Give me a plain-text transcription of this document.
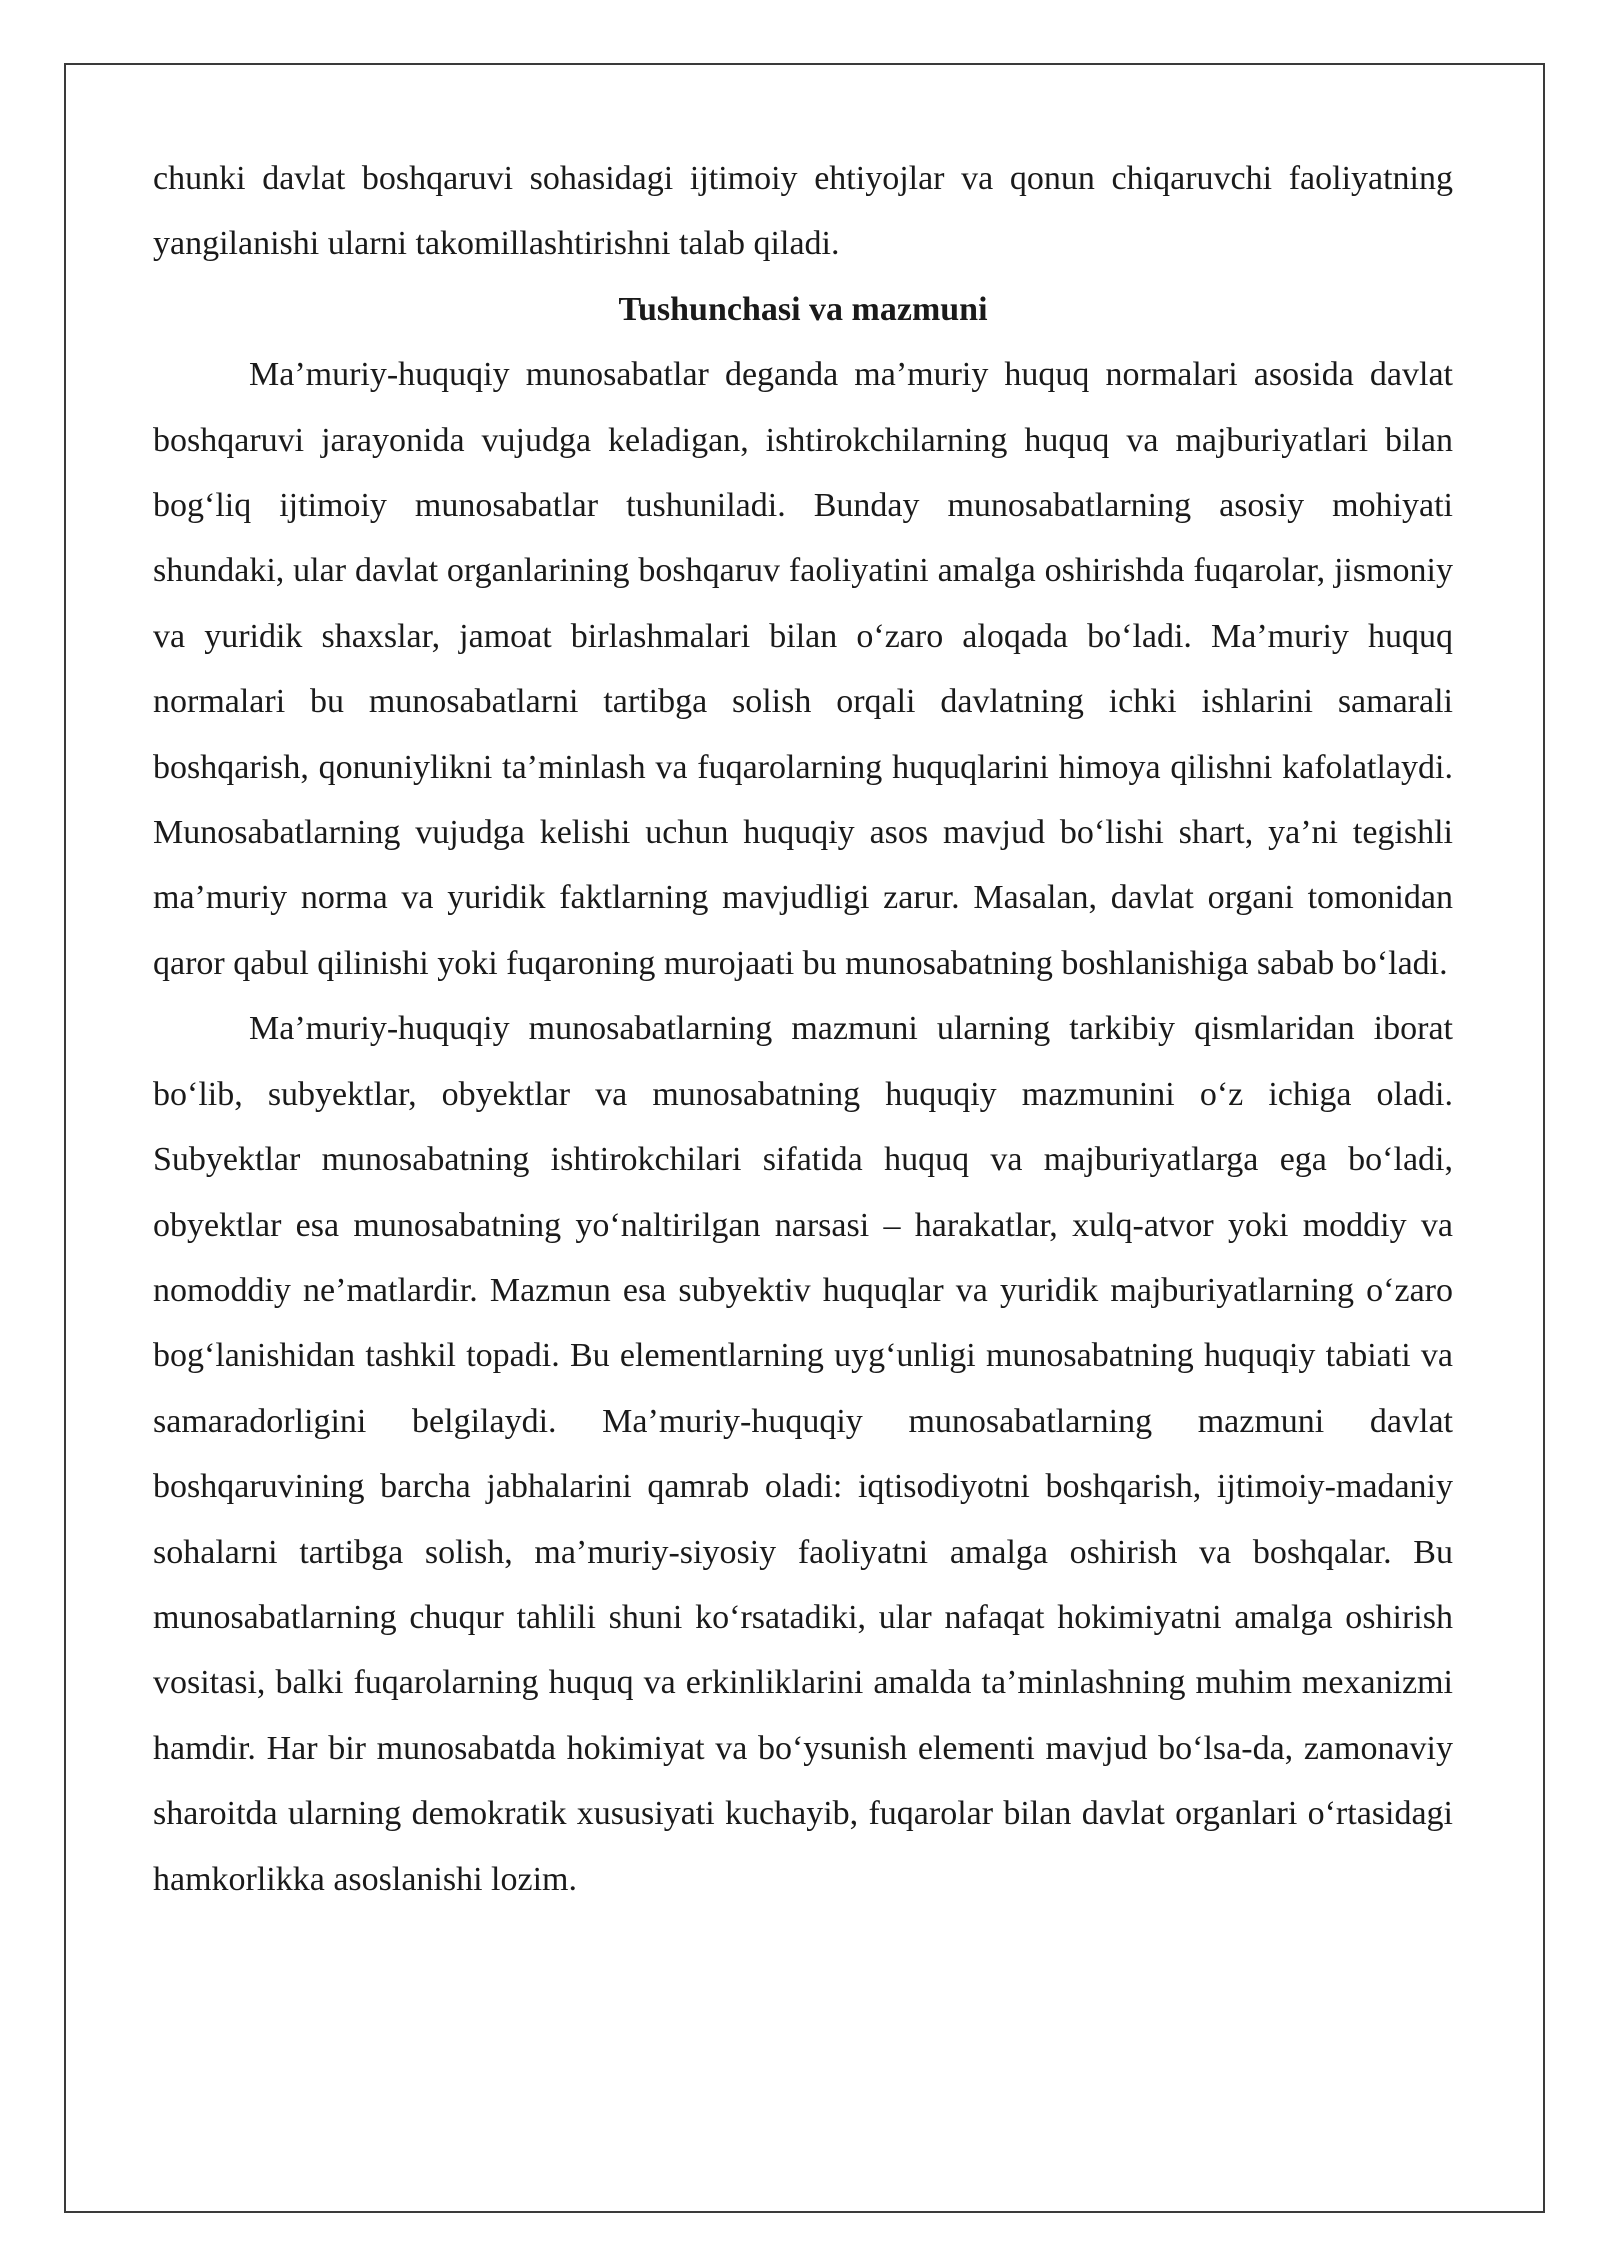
chunki davlat boshqaruvi sohasidagi ijtimoiy ehtiyojlar va qonun chiqaruvchi faoliyatning yangilanishi ularni takomillashtirishni talab qiladi.

Tushunchasi va mazmuni

Ma’muriy-huquqiy munosabatlar deganda ma’muriy huquq normalari asosida davlat boshqaruvi jarayonida vujudga keladigan, ishtirokchilarning huquq va majburiyatlari bilan bog‘liq ijtimoiy munosabatlar tushuniladi. Bunday munosabatlarning asosiy mohiyati shundaki, ular davlat organlarining boshqaruv faoliyatini amalga oshirishda fuqarolar, jismoniy va yuridik shaxslar, jamoat birlashmalari bilan o‘zaro aloqada bo‘ladi. Ma’muriy huquq normalari bu munosabatlarni tartibga solish orqali davlatning ichki ishlarini samarali boshqarish, qonuniylikni ta’minlash va fuqarolarning huquqlarini himoya qilishni kafolatlaydi. Munosabatlarning vujudga kelishi uchun huquqiy asos mavjud bo‘lishi shart, ya’ni tegishli ma’muriy norma va yuridik faktlarning mavjudligi zarur. Masalan, davlat organi tomonidan qaror qabul qilinishi yoki fuqaroning murojaati bu munosabatning boshlanishiga sabab bo‘ladi.

Ma’muriy-huquqiy munosabatlarning mazmuni ularning tarkibiy qismlaridan iborat bo‘lib, subyektlar, obyektlar va munosabatning huquqiy mazmunini o‘z ichiga oladi. Subyektlar munosabatning ishtirokchilari sifatida huquq va majburiyatlarga ega bo‘ladi, obyektlar esa munosabatning yo‘naltirilgan narsasi – harakatlar, xulq-atvor yoki moddiy va nomoddiy ne’matlardir. Mazmun esa subyektiv huquqlar va yuridik majburiyatlarning o‘zaro bog‘lanishidan tashkil topadi. Bu elementlarning uyg‘unligi munosabatning huquqiy tabiati va samaradorligini belgilaydi. Ma’muriy-huquqiy munosabatlarning mazmuni davlat boshqaruvining barcha jabhalarini qamrab oladi: iqtisodiyotni boshqarish, ijtimoiy-madaniy sohalarni tartibga solish, ma’muriy-siyosiy faoliyatni amalga oshirish va boshqalar. Bu munosabatlarning chuqur tahlili shuni ko‘rsatadiki, ular nafaqat hokimiyatni amalga oshirish vositasi, balki fuqarolarning huquq va erkinliklarini amalda ta’minlashning muhim mexanizmi hamdir. Har bir munosabatda hokimiyat va bo‘ysunish elementi mavjud bo‘lsa-da, zamonaviy sharoitda ularning demokratik xususiyati kuchayib, fuqarolar bilan davlat organlari o‘rtasidagi hamkorlikka asoslanishi lozim.
